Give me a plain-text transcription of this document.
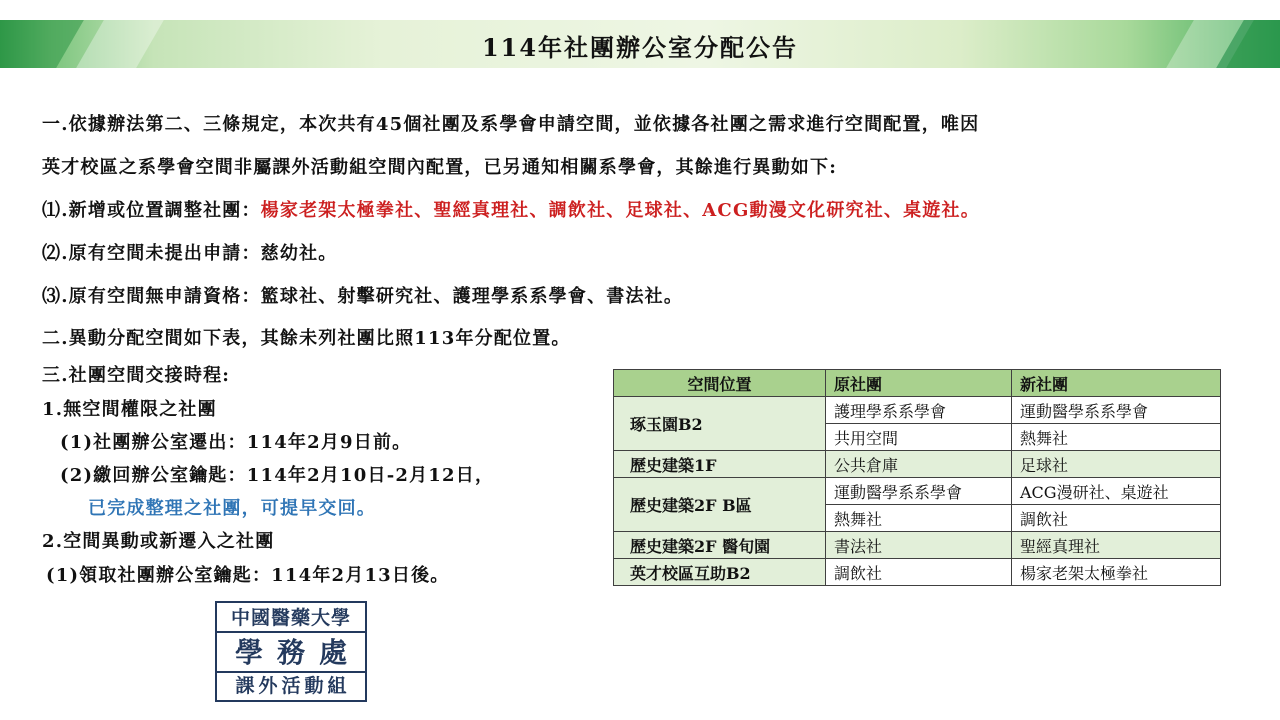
114年社團辦公室分配公告
一.依據辦法第二、三條規定，本次共有45個社團及系學會申請空間，並依據各社團之需求進行空間配置，唯因
英才校區之系學會空間非屬課外活動組空間內配置，已另通知相關系學會，其餘進行異動如下:
⑴.新增或位置調整社團：楊家老架太極拳社、聖經真理社、調飲社、足球社、ACG動漫文化研究社、桌遊社。
⑵.原有空間未提出申請：慈幼社。
⑶.原有空間無申請資格：籃球社、射擊研究社、護理學系系學會、書法社。
二.異動分配空間如下表，其餘未列社團比照113年分配位置。
三.社團空間交接時程:
1.無空間權限之社團
(1)社團辦公室遷出：114年2月9日前。
(2)繳回辦公室鑰匙：114年2月10日-2月12日，
已完成整理之社團，可提早交回。
2.空間異動或新遷入之社團
(1)領取社團辦公室鑰匙：114年2月13日後。
空間位置	原社團	新社團
琢玉園B2	護理學系系學會	運動醫學系系學會
	共用空間	熱舞社
歷史建築1F	公共倉庫	足球社
歷史建築2F B區	運動醫學系系學會	ACG漫研社、桌遊社
	熱舞社	調飲社
歷史建築2F 醫旬園	書法社	聖經真理社
英才校區互助B2	調飲社	楊家老架太極拳社
中國醫藥大學
學務處
課外活動組
